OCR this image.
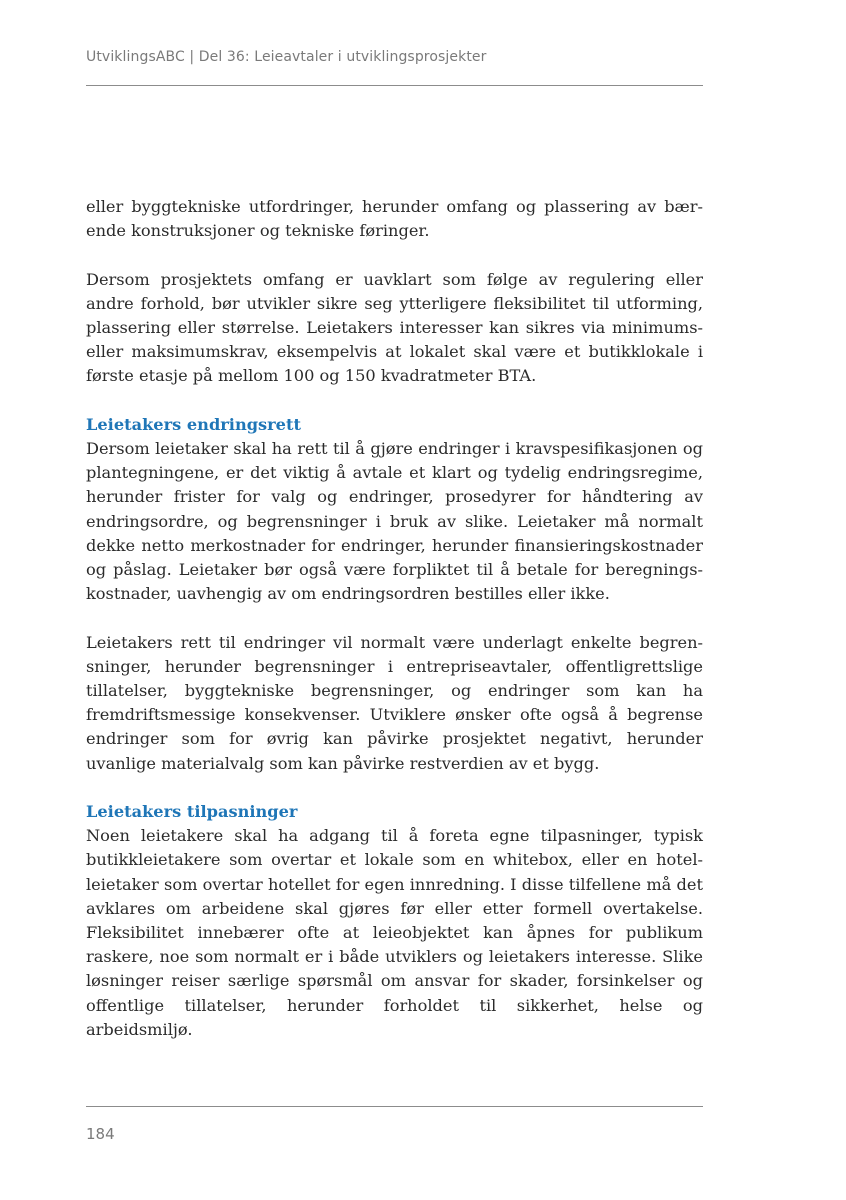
UtviklingsABC | Del 36: Leieavtaler i utviklingsprosjekter

eller byggtekniske utfordringer, herunder omfang og plassering av bærende konstruksjoner og tekniske føringer.

Dersom prosjektets omfang er uavklart som følge av regulering eller andre forhold, bør utvikler sikre seg ytterligere fleksibilitet til utforming, plassering eller størrelse. Leietakers interesser kan sikres via minimums- eller maksimumskrav, eksempelvis at lokalet skal være et butikklokale i første etasje på mellom 100 og 150 kvadratmeter BTA.

Leietakers endringsrett

Dersom leietaker skal ha rett til å gjøre endringer i kravspesifikasjonen og plantegningene, er det viktig å avtale et klart og tydelig endringsregime, herunder frister for valg og endringer, prosedyrer for håndtering av endringsordre, og begrensninger i bruk av slike. Leietaker må normalt dekke netto merkostnader for endringer, herunder finansieringskostnader og påslag. Leietaker bør også være forpliktet til å betale for beregningskostnader, uavhengig av om endringsordren bestilles eller ikke.

Leietakers rett til endringer vil normalt være underlagt enkelte begrensninger, herunder begrensninger i entrepriseavtaler, offentligrettslige tillatelser, byggtekniske begrensninger, og endringer som kan ha fremdriftsmessige konsekvenser. Utviklere ønsker ofte også å begrense endringer som for øvrig kan påvirke prosjektet negativt, herunder uvanlige materialvalg som kan påvirke restverdien av et bygg.

Leietakers tilpasninger

Noen leietakere skal ha adgang til å foreta egne tilpasninger, typisk butikkleietakere som overtar et lokale som en whitebox, eller en hotelleietaker som overtar hotellet for egen innredning. I disse tilfellene må det avklares om arbeidene skal gjøres før eller etter formell overtakelse. Fleksibilitet innebærer ofte at leieobjektet kan åpnes for publikum raskere, noe som normalt er i både utviklers og leietakers interesse. Slike løsninger reiser særlige spørsmål om ansvar for skader, forsinkelser og offentlige tillatelser, herunder forholdet til sikkerhet, helse og arbeidsmiljø.

184
